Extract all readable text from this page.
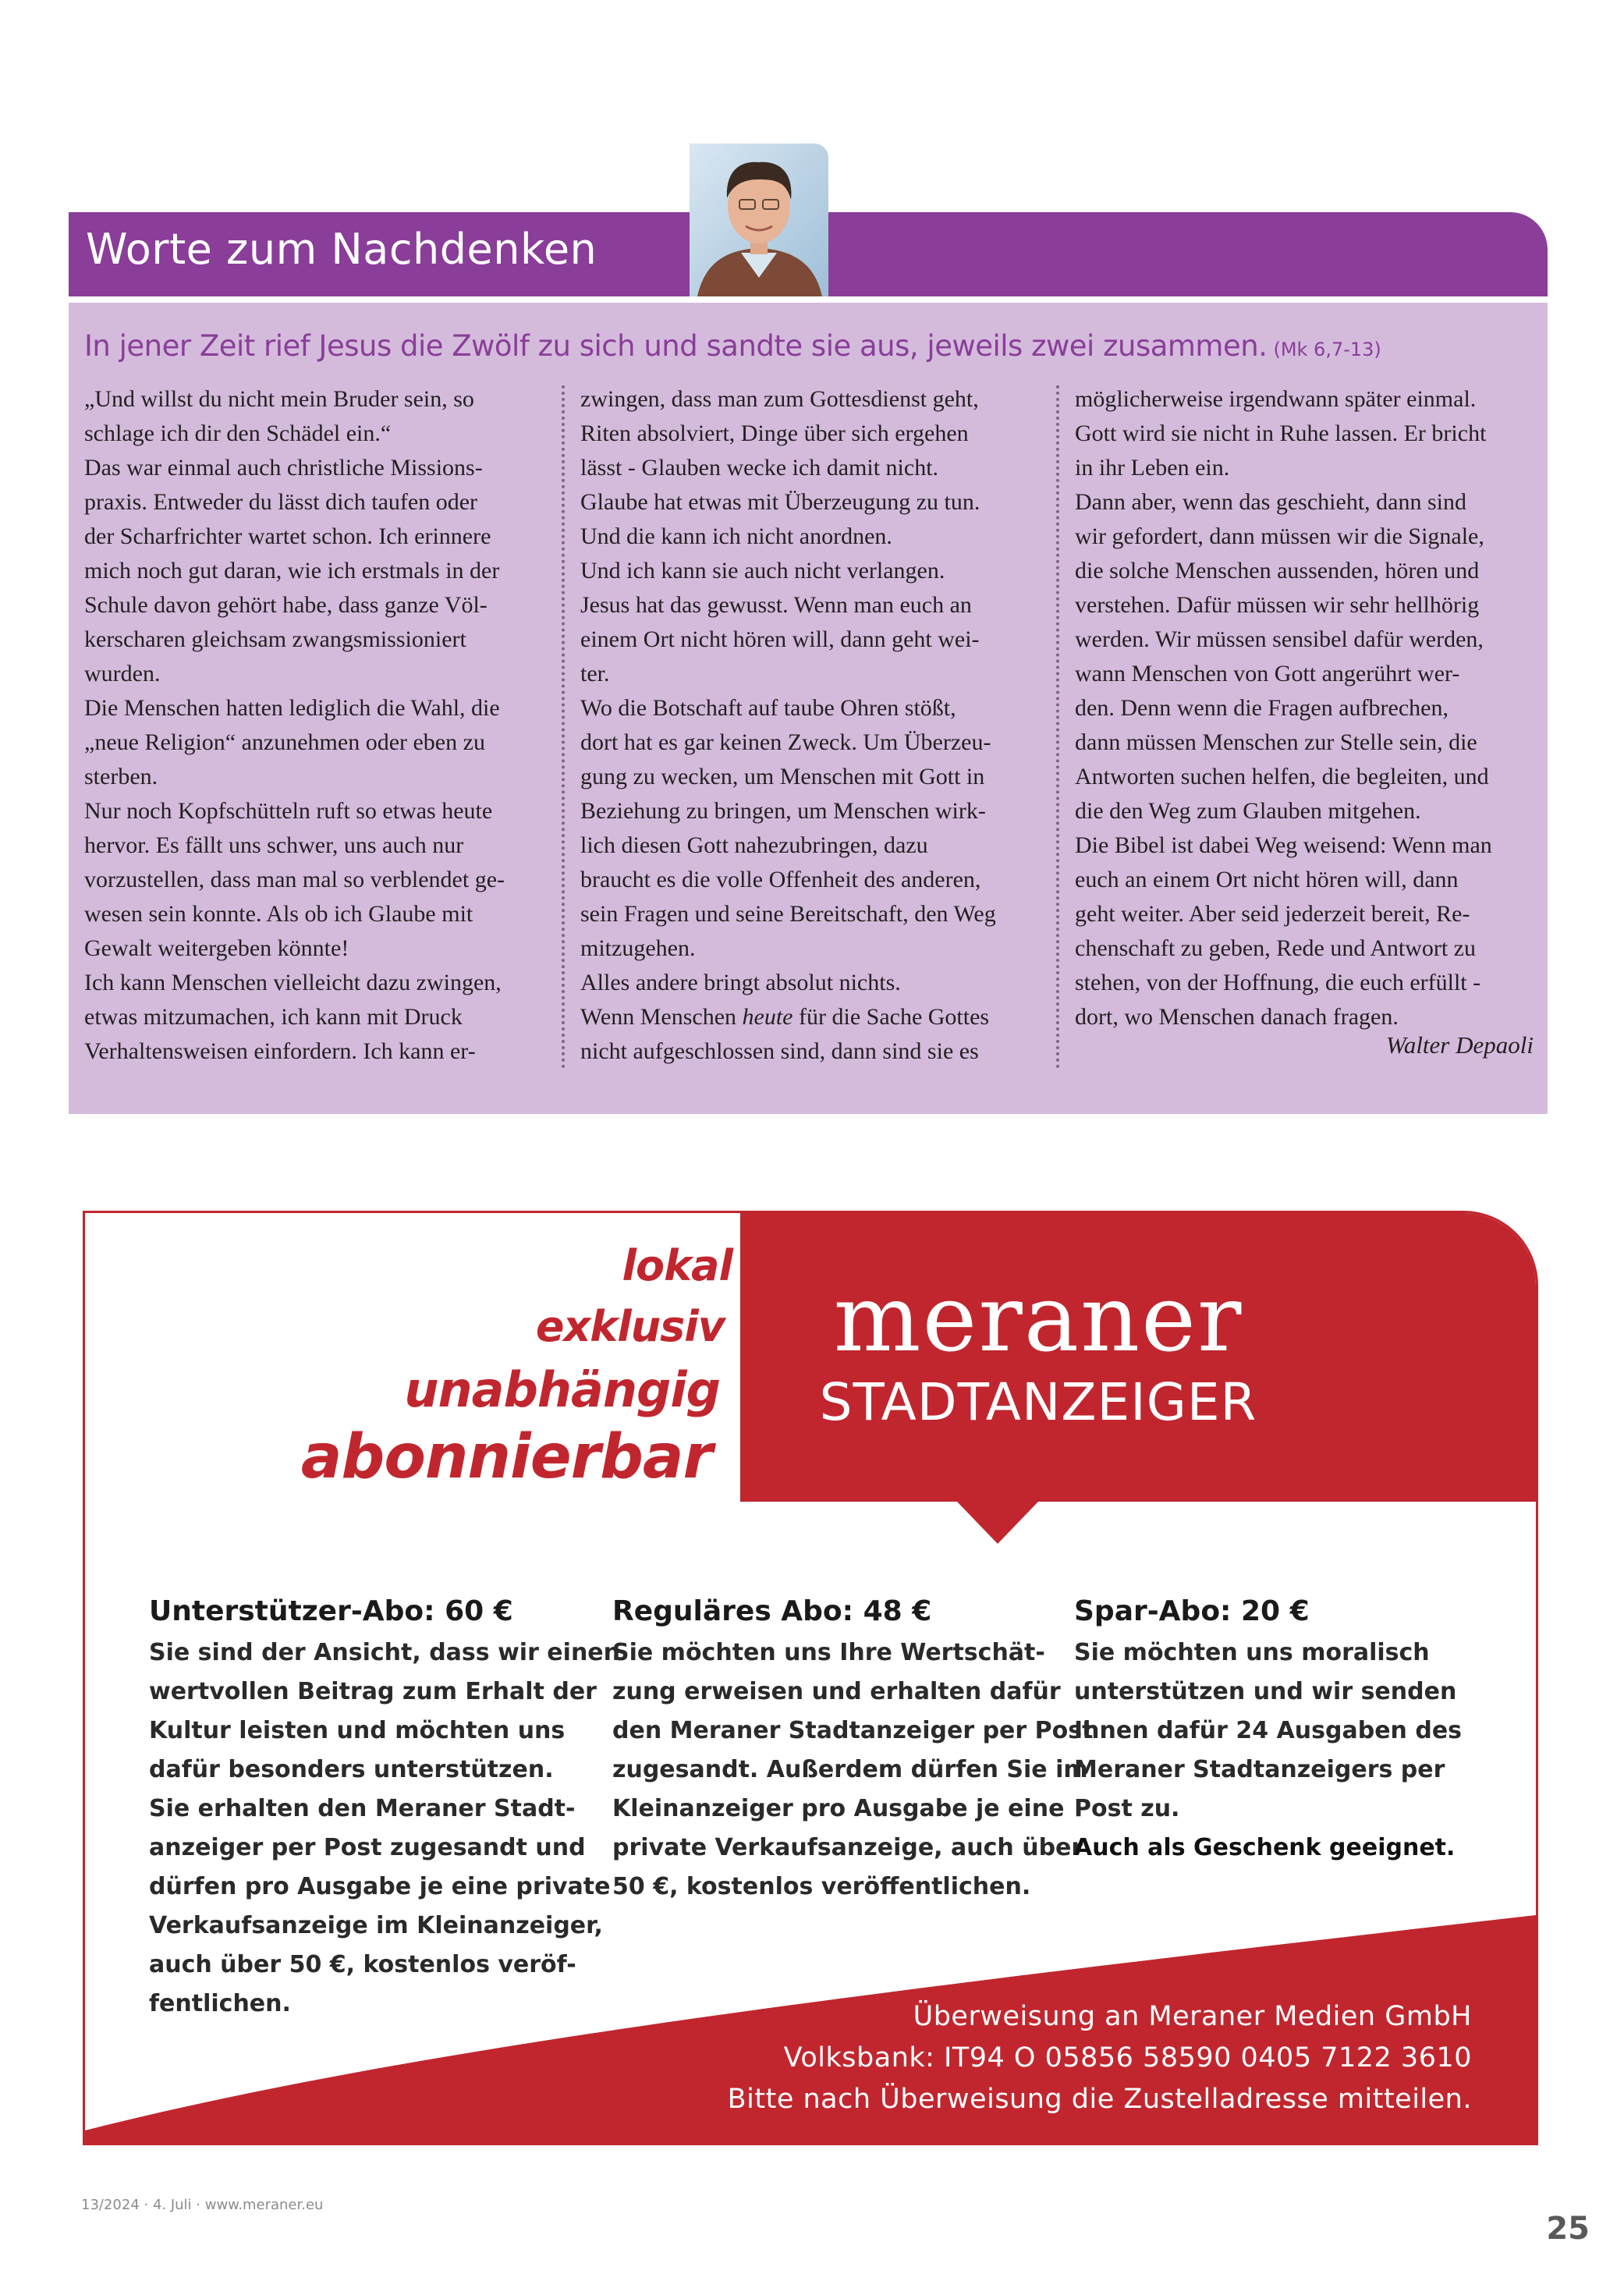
Worte zum Nachdenken
In jener Zeit rief Jesus die Zwölf zu sich und sandte sie aus, jeweils zwei zusammen. (Mk 6,7-13)
„Und willst du nicht mein Bruder sein, so
schlage ich dir den Schädel ein.“
Das war einmal auch christliche Missions-
praxis. Entweder du lässt dich taufen oder
der Scharfrichter wartet schon. Ich erinnere
mich noch gut daran, wie ich erstmals in der
Schule davon gehört habe, dass ganze Völ-
kerscharen gleichsam zwangsmissioniert
wurden.
Die Menschen hatten lediglich die Wahl, die
„neue Religion“ anzunehmen oder eben zu
sterben.
Nur noch Kopfschütteln ruft so etwas heute
hervor. Es fällt uns schwer, uns auch nur
vorzustellen, dass man mal so verblendet ge-
wesen sein konnte. Als ob ich Glaube mit
Gewalt weitergeben könnte!
Ich kann Menschen vielleicht dazu zwingen,
etwas mitzumachen, ich kann mit Druck
Verhaltensweisen einfordern. Ich kann er-
zwingen, dass man zum Gottesdienst geht,
Riten absolviert, Dinge über sich ergehen
lässt - Glauben wecke ich damit nicht.
Glaube hat etwas mit Überzeugung zu tun.
Und die kann ich nicht anordnen.
Und ich kann sie auch nicht verlangen.
Jesus hat das gewusst. Wenn man euch an
einem Ort nicht hören will, dann geht wei-
ter.
Wo die Botschaft auf taube Ohren stößt,
dort hat es gar keinen Zweck. Um Überzeu-
gung zu wecken, um Menschen mit Gott in
Beziehung zu bringen, um Menschen wirk-
lich diesen Gott nahezubringen, dazu
braucht es die volle Offenheit des anderen,
sein Fragen und seine Bereitschaft, den Weg
mitzugehen.
Alles andere bringt absolut nichts.
Wenn Menschen heute für die Sache Gottes
nicht aufgeschlossen sind, dann sind sie es
möglicherweise irgendwann später einmal.
Gott wird sie nicht in Ruhe lassen. Er bricht
in ihr Leben ein.
Dann aber, wenn das geschieht, dann sind
wir gefordert, dann müssen wir die Signale,
die solche Menschen aussenden, hören und
verstehen. Dafür müssen wir sehr hellhörig
werden. Wir müssen sensibel dafür werden,
wann Menschen von Gott angerührt wer-
den. Denn wenn die Fragen aufbrechen,
dann müssen Menschen zur Stelle sein, die
Antworten suchen helfen, die begleiten, und
die den Weg zum Glauben mitgehen.
Die Bibel ist dabei Weg weisend: Wenn man
euch an einem Ort nicht hören will, dann
geht weiter. Aber seid jederzeit bereit, Re-
chenschaft zu geben, Rede und Antwort zu
stehen, von der Hoffnung, die euch erfüllt -
dort, wo Menschen danach fragen.
Walter Depaoli
lokal
exklusiv
unabhängig
abonnierbar
meraner
STADTANZEIGER
Unterstützer-Abo: 60 €
Sie sind der Ansicht, dass wir einen
wertvollen Beitrag zum Erhalt der
Kultur leisten und möchten uns
dafür besonders unterstützen.
Sie erhalten den Meraner Stadt-
anzeiger per Post zugesandt und
dürfen pro Ausgabe je eine private
Verkaufsanzeige im Kleinanzeiger,
auch über 50 €, kostenlos veröf-
fentlichen.
Reguläres Abo: 48 €
Sie möchten uns Ihre Wertschät-
zung erweisen und erhalten dafür
den Meraner Stadtanzeiger per Post
zugesandt. Außerdem dürfen Sie im
Kleinanzeiger pro Ausgabe je eine
private Verkaufsanzeige, auch über
50 €, kostenlos veröffentlichen.
Spar-Abo: 20 €
Sie möchten uns moralisch
unterstützen und wir senden
Ihnen dafür 24 Ausgaben des
Meraner Stadtanzeigers per
Post zu.
Auch als Geschenk geeignet.
Überweisung an Meraner Medien GmbH
Volksbank: IT94 O 05856 58590 0405 7122 3610
Bitte nach Überweisung die Zustelladresse mitteilen.
13/2024 · 4. Juli · www.meraner.eu
25
